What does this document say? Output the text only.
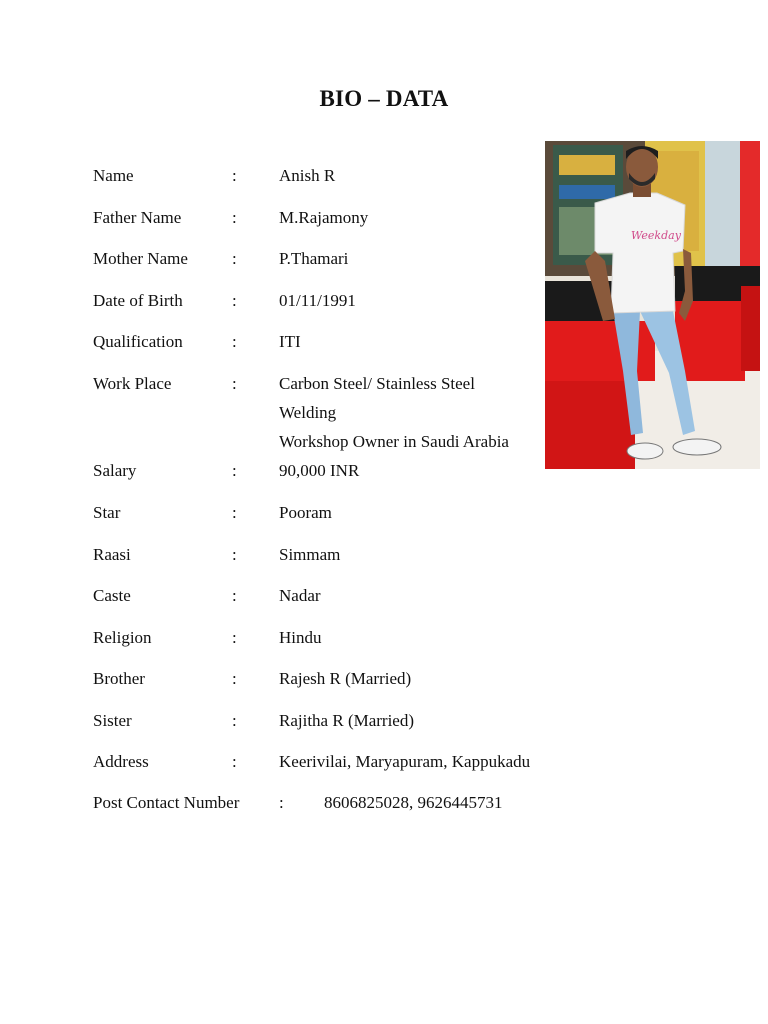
BIO – DATA
Name	: Anish R
Father Name	: M.Rajamony
Mother Name	: P.Thamari
Date of Birth	: 01/11/1991
Qualification	: ITI
Work Place	: Carbon Steel/ Stainless Steel
Welding
Workshop Owner in Saudi Arabia
Salary	: 90,000 INR
Star	: Pooram
Raasi	: Simmam
Caste	: Nadar
Religion	: Hindu
Brother	: Rajesh R (Married)
Sister	: Rajitha R (Married)
Address	: Keerivilai, Maryapuram, Kappukadu
Post Contact Number : 8606825028, 9626445731
Weekday
